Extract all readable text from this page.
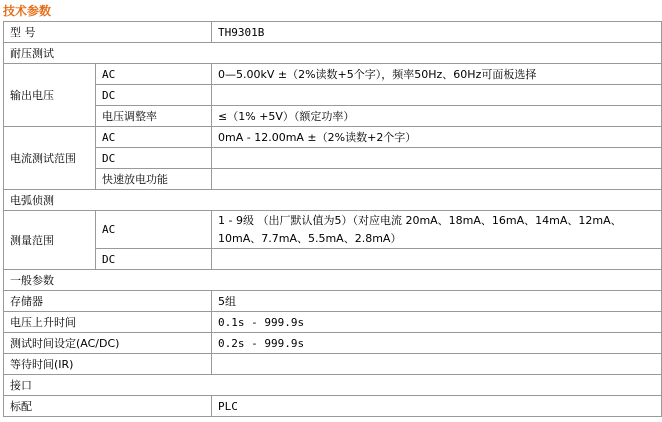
技术参数
型 号		TH9301B
耐压测试		
输出电压	AC	0—5.00kV ±（2%读数+5个字），频率50Hz、60Hz可面板选择
	DC	
	电压调整率	≤（1% +5V）（额定功率）
电流测试范围	AC	0mA - 12.00mA ±（2%读数+2个字）
	DC	
	快速放电功能	
电弧侦测		
测量范围	AC	1 - 9级 （出厂默认值为5）（对应电流 20mA、18mA、16mA、14mA、12mA、10mA、7.7mA、5.5mA、2.8mA）
	DC	
一般参数		
存储器		5组
电压上升时间		0.1s - 999.9s
测试时间设定(AC/DC)		0.2s - 999.9s
等待时间(IR)		
接口		
标配		PLC
